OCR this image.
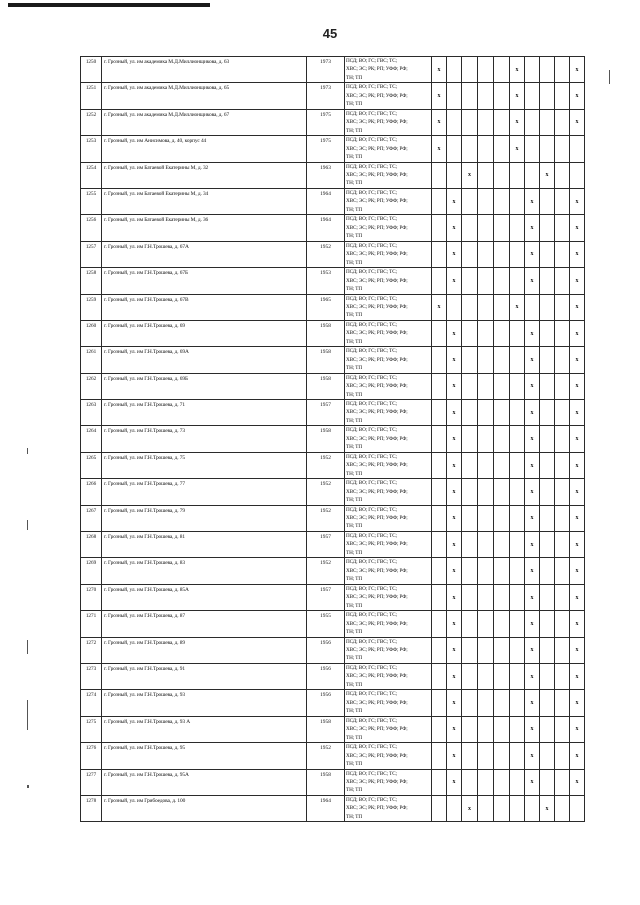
45
1250	г. Грозный, ул. им академика М.Д.Миллионщикова, д. 63	1973	ПСД; ВО; ГС; ГВС; ТС;
ХВС; ЭС; РК; РП; УФФ; РФ;
ТН; ТП	x					x				x
1251	г. Грозный, ул. им академика М.Д.Миллионщикова, д. 65	1973	ПСД; ВО; ГС; ГВС; ТС;
ХВС; ЭС; РК; РП; УФФ; РФ;
ТН; ТП	x					x				x
1252	г. Грозный, ул. им академика М.Д.Миллионщикова, д. 67	1975	ПСД; ВО; ГС; ГВС; ТС;
ХВС; ЭС; РК; РП; УФФ; РФ;
ТН; ТП	x					x				x
1253	г. Грозный, ул. им Анисимова, д. 40, корпус 44	1975	ПСД; ВО; ГС; ГВС; ТС;
ХВС; ЭС; РК; РП; УФФ; РФ;
ТН; ТП	x					x				
1254	г. Грозный, ул. им Батаевой Екатерины М, д. 32	1963	ПСД; ВО; ГС; ГВС; ТС;
ХВС; ЭС; РК; РП; УФФ; РФ;
ТН; ТП			x					x		
1255	г. Грозный, ул. им Батаевой Екатерины М, д. 34	1964	ПСД; ВО; ГС; ГВС; ТС;
ХВС; ЭС; РК; РП; УФФ; РФ;
ТН; ТП		x					x			x
1256	г. Грозный, ул. им Батаевой Екатерины М, д. 36	1964	ПСД; ВО; ГС; ГВС; ТС;
ХВС; ЭС; РК; РП; УФФ; РФ;
ТН; ТП		x					x			x
1257	г. Грозный, ул. им Г.Н.Трошева, д. 67А	1952	ПСД; ВО; ГС; ГВС; ТС;
ХВС; ЭС; РК; РП; УФФ; РФ;
ТН; ТП		x					x			x
1258	г. Грозный, ул. им Г.Н.Трошева, д. 67Б	1953	ПСД; ВО; ГС; ГВС; ТС;
ХВС; ЭС; РК; РП; УФФ; РФ;
ТН; ТП		x					x			x
1259	г. Грозный, ул. им Г.Н.Трошева, д. 67В	1965	ПСД; ВО; ГС; ГВС; ТС;
ХВС; ЭС; РК; РП; УФФ; РФ;
ТН; ТП	x					x				x
1260	г. Грозный, ул. им Г.Н.Трошева, д. 69	1958	ПСД; ВО; ГС; ГВС; ТС;
ХВС; ЭС; РК; РП; УФФ; РФ;
ТН; ТП		x					x			x
1261	г. Грозный, ул. им Г.Н.Трошева, д. 69А	1958	ПСД; ВО; ГС; ГВС; ТС;
ХВС; ЭС; РК; РП; УФФ; РФ;
ТН; ТП		x					x			x
1262	г. Грозный, ул. им Г.Н.Трошева, д. 69Б	1958	ПСД; ВО; ГС; ГВС; ТС;
ХВС; ЭС; РК; РП; УФФ; РФ;
ТН; ТП		x					x			x
1263	г. Грозный, ул. им Г.Н.Трошева, д. 71	1957	ПСД; ВО; ГС; ГВС; ТС;
ХВС; ЭС; РК; РП; УФФ; РФ;
ТН; ТП		x					x			x
1264	г. Грозный, ул. им Г.Н.Трошева, д. 73	1958	ПСД; ВО; ГС; ГВС; ТС;
ХВС; ЭС; РК; РП; УФФ; РФ;
ТН; ТП		x					x			x
1265	г. Грозный, ул. им Г.Н.Трошева, д. 75	1952	ПСД; ВО; ГС; ГВС; ТС;
ХВС; ЭС; РК; РП; УФФ; РФ;
ТН; ТП		x					x			x
1266	г. Грозный, ул. им Г.Н.Трошева, д. 77	1952	ПСД; ВО; ГС; ГВС; ТС;
ХВС; ЭС; РК; РП; УФФ; РФ;
ТН; ТП		x					x			x
1267	г. Грозный, ул. им Г.Н.Трошева, д. 79	1952	ПСД; ВО; ГС; ГВС; ТС;
ХВС; ЭС; РК; РП; УФФ; РФ;
ТН; ТП		x					x			x
1268	г. Грозный, ул. им Г.Н.Трошева, д. 81	1957	ПСД; ВО; ГС; ГВС; ТС;
ХВС; ЭС; РК; РП; УФФ; РФ;
ТН; ТП		x					x			x
1269	г. Грозный, ул. им Г.Н.Трошева, д. 83	1952	ПСД; ВО; ГС; ГВС; ТС;
ХВС; ЭС; РК; РП; УФФ; РФ;
ТН; ТП		x					x			x
1270	г. Грозный, ул. им Г.Н.Трошева, д. 85А	1957	ПСД; ВО; ГС; ГВС; ТС;
ХВС; ЭС; РК; РП; УФФ; РФ;
ТН; ТП		x					x			x
1271	г. Грозный, ул. им Г.Н.Трошева, д. 87	1955	ПСД; ВО; ГС; ГВС; ТС;
ХВС; ЭС; РК; РП; УФФ; РФ;
ТН; ТП		x					x			x
1272	г. Грозный, ул. им Г.Н.Трошева, д. 89	1956	ПСД; ВО; ГС; ГВС; ТС;
ХВС; ЭС; РК; РП; УФФ; РФ;
ТН; ТП		x					x			x
1273	г. Грозный, ул. им Г.Н.Трошева, д. 91	1956	ПСД; ВО; ГС; ГВС; ТС;
ХВС; ЭС; РК; РП; УФФ; РФ;
ТН; ТП		x					x			x
1274	г. Грозный, ул. им Г.Н.Трошева, д. 93	1956	ПСД; ВО; ГС; ГВС; ТС;
ХВС; ЭС; РК; РП; УФФ; РФ;
ТН; ТП		x					x			x
1275	г. Грозный, ул. им Г.Н.Трошева, д. 93 А	1958	ПСД; ВО; ГС; ГВС; ТС;
ХВС; ЭС; РК; РП; УФФ; РФ;
ТН; ТП		x					x			x
1276	г. Грозный, ул. им Г.Н.Трошева, д. 95	1952	ПСД; ВО; ГС; ГВС; ТС;
ХВС; ЭС; РК; РП; УФФ; РФ;
ТН; ТП		x					x			x
1277	г. Грозный, ул. им Г.Н.Трошева, д. 95А	1958	ПСД; ВО; ГС; ГВС; ТС;
ХВС; ЭС; РК; РП; УФФ; РФ;
ТН; ТП		x					x			x
1278	г. Грозный, ул. им Грибоедова, д. 100	1964	ПСД; ВО; ГС; ГВС; ТС;
ХВС; ЭС; РК; РП; УФФ; РФ;
ТН; ТП			x					x		
